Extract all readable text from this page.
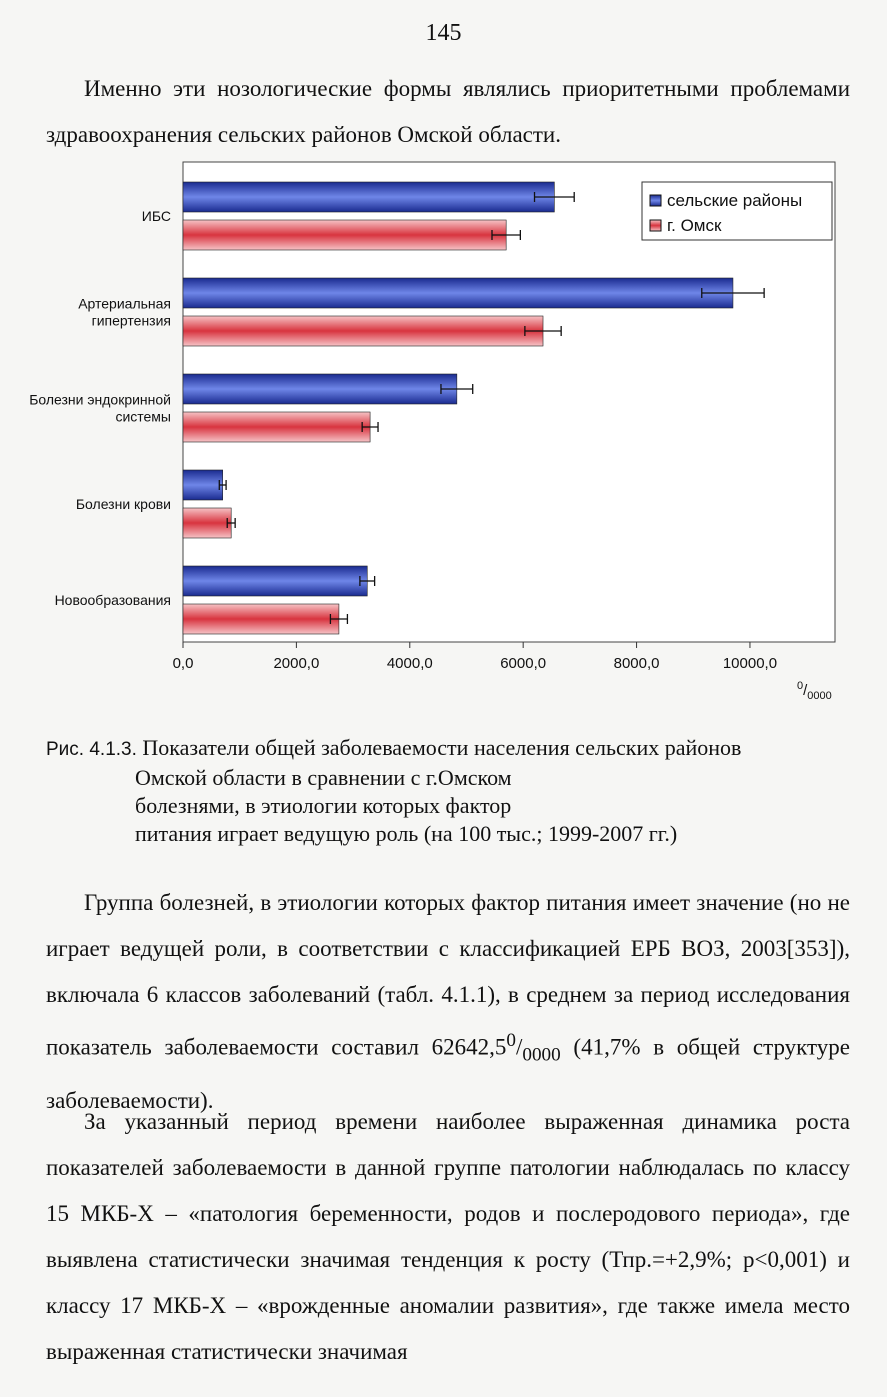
145

Именно эти нозологические формы являлись приоритетными проблемами здравоохранения сельских районов Омской области.

0,0	2000,0	4000,0	6000,0	8000,0	10000,0
ИБС
Артериальная
гипертензия
Болезни эндокринной
системы
Болезни крови
Новообразования
сельские районы
г. Омск
$^0/_{0000}$
Рис. 4.1.3. Показатели общей заболеваемости населения сельских районов
Омской области в сравнении с г.Омском
болезнями, в этиологии которых фактор
питания играет ведущую роль (на 100 тыс.; 1999-2007 гг.)

Группа болезней, в этиологии которых фактор питания имеет значение (но не играет ведущей роли, в соответствии с классификацией ЕРБ ВОЗ, 2003[353]), включала 6 классов заболеваний (табл. 4.1.1), в среднем за период исследования показатель заболеваемости составил $62642,5^0/_{0000}$ (41,7% в общей структуре заболеваемости).

За указанный период времени наиболее выраженная динамика роста показателей заболеваемости в данной группе патологии наблюдалась по классу 15 МКБ-Х – «патология беременности, родов и послеродового периода», где выявлена статистически значимая тенденция к росту (Тпр.=+2,9%; p<0,001) и классу 17 МКБ-Х – «врожденные аномалии развития», где также имела место выраженная статистически значимая
